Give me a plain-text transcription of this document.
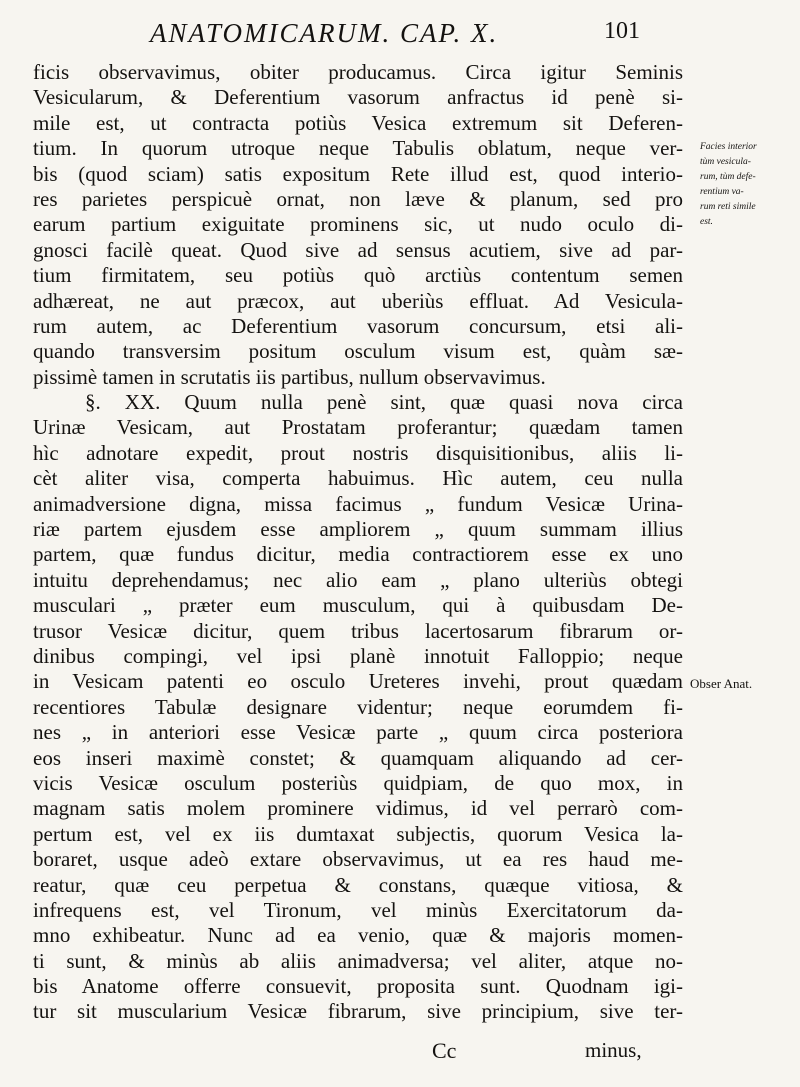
ANATOMICARUM. CAP. X.	101
ficis observavimus, obiter producamus. Circa igitur Seminis
Vesicularum, & Deferentium vasorum anfractus id penè si-
mile est, ut contracta potiùs Vesica extremum sit Deferen-
tium. In quorum utroque neque Tabulis oblatum, neque ver-
bis (quod sciam) satis expositum Rete illud est, quod interio-
res parietes perspicuè ornat, non læve & planum, sed pro
earum partium exiguitate prominens sic, ut nudo oculo di-
gnosci facilè queat. Quod sive ad sensus acutiem, sive ad par-
tium firmitatem, seu potiùs quò arctiùs contentum semen
adhæreat, ne aut præcox, aut uberiùs effluat. Ad Vesicula-
rum autem, ac Deferentium vasorum concursum, etsi ali-
quando transversim positum osculum visum est, quàm sæ-
pissimè tamen in scrutatis iis partibus, nullum observavimus.
§. XX. Quum nulla penè sint, quæ quasi nova circa
Urinæ Vesicam, aut Prostatam proferantur; quædam tamen
hìc adnotare expedit, prout nostris disquisitionibus, aliis li-
cèt aliter visa, comperta habuimus. Hìc autem, ceu nulla
animadversione digna, missa facimus „ fundum Vesicæ Urina-
riæ partem ejusdem esse ampliorem „ quum summam illius
partem, quæ fundus dicitur, media contractiorem esse ex uno
intuitu deprehendamus; nec alio eam „ plano ulteriùs obtegi
musculari „ præter eum musculum, qui à quibusdam De-
trusor Vesicæ dicitur, quem tribus lacertosarum fibrarum or-
dinibus compingi, vel ipsi planè innotuit Falloppio; neque
in Vesicam patenti eo osculo Ureteres invehi, prout quædam
recentiores Tabulæ designare videntur; neque eorumdem fi-
nes „ in anteriori esse Vesicæ parte „ quum circa posteriora
eos inseri maximè constet; & quamquam aliquando ad cer-
vicis Vesicæ osculum posteriùs quidpiam, de quo mox, in
magnam satis molem prominere vidimus, id vel perrarò com-
pertum est, vel ex iis dumtaxat subjectis, quorum Vesica la-
boraret, usque adeò extare observavimus, ut ea res haud me-
reatur, quæ ceu perpetua & constans, quæque vitiosa, &
infrequens est, vel Tironum, vel minùs Exercitatorum da-
mno exhibeatur. Nunc ad ea venio, quæ & majoris momen-
ti sunt, & minùs ab aliis animadversa; vel aliter, atque no-
bis Anatome offerre consuevit, proposita sunt. Quodnam igi-
tur sit muscularium Vesicæ fibrarum, sive principium, sive ter-
Facies interior
tùm vesicula-
rum, tùm defe-
rentium va-
rum reti simile
est.
Obser Anat.
Cc	minus,
